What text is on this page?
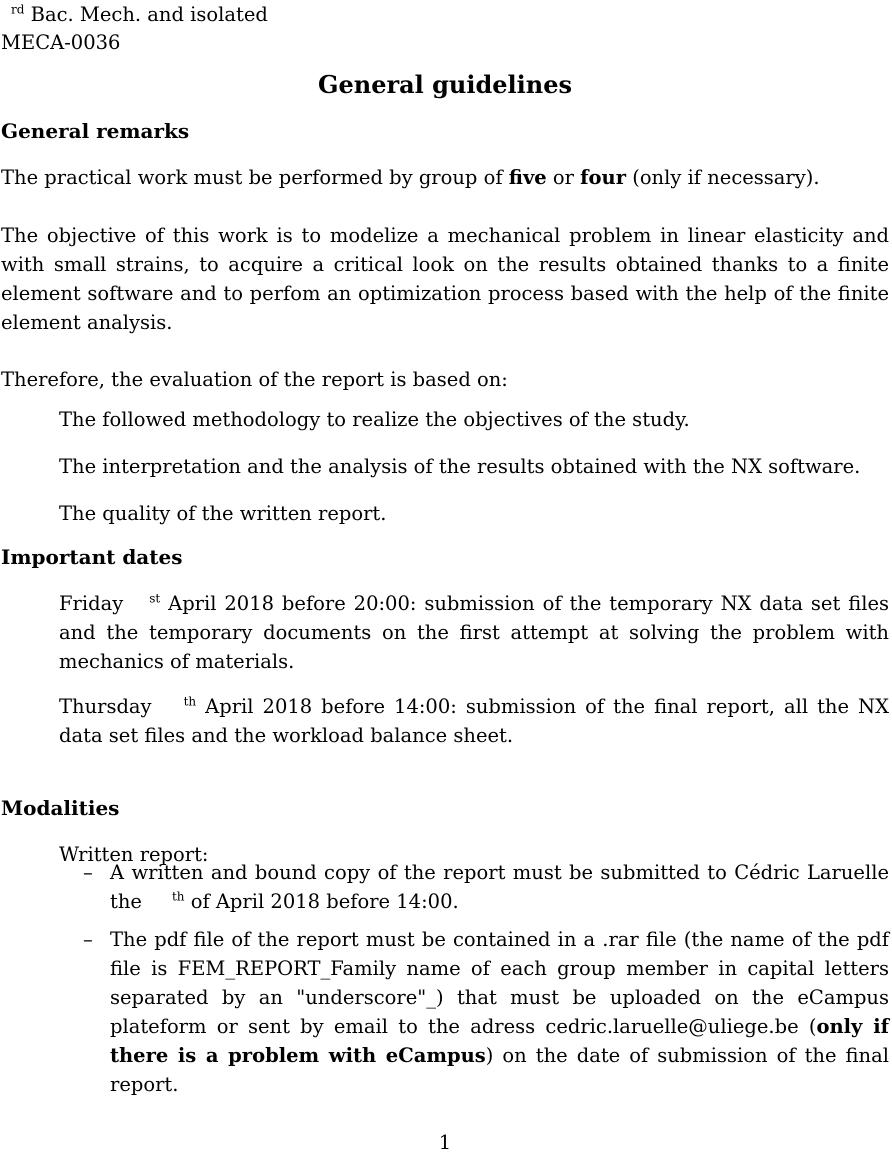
$^{rd}$ Bac. Mech. and isolated
MECA-0036
General guidelines
General remarks
The practical work must be performed by group of five or four (only if necessary).
The objective of this work is to modelize a mechanical problem in linear elasticity and with small strains, to acquire a critical look on the results obtained thanks to a finite element software and to perfom an optimization process based with the help of the finite element analysis.
Therefore, the evaluation of the report is based on:
The followed methodology to realize the objectives of the study.
The interpretation and the analysis of the results obtained with the NX software.
The quality of the written report.
Important dates
Friday $^{st}$ April 2018 before 20:00: submission of the temporary NX data set files and the temporary documents on the first attempt at solving the problem with mechanics of materials.
Thursday	$^{th}$ April 2018 before 14:00: submission of the final report, all the NX data set files and the workload balance sheet.
Modalities
Written report:
– A written and bound copy of the report must be submitted to Cédric Laruelle the	$^{th}$ of April 2018 before 14:00.
– The pdf file of the report must be contained in a .rar file (the name of the pdf file is FEM_REPORT_Family name of each group member in capital letters separated by an "underscore"_) that must be uploaded on the eCampus plateform or sent by email to the adress cedric.laruelle@uliege.be (only if there is a problem with eCampus) on the date of submission of the final report.
1
